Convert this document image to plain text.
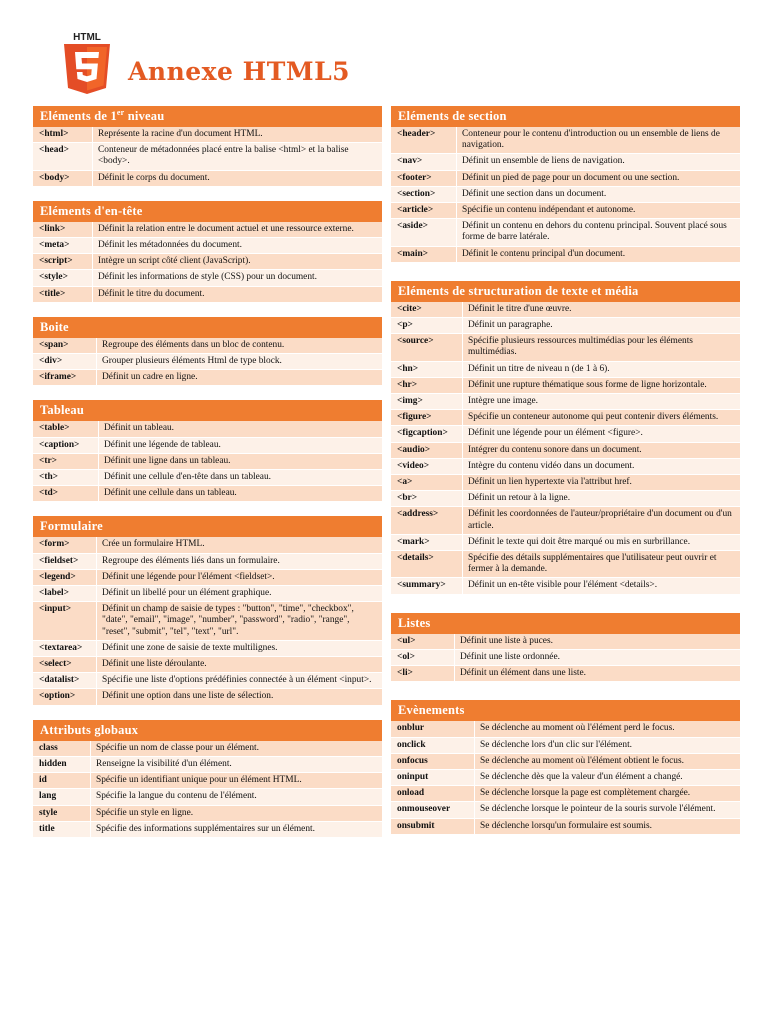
HTML
Annexe HTML5
Eléments de 1er niveau
<html>	Représente la racine d'un document HTML.
<head>	Conteneur de métadonnées placé entre la balise <html> et la balise <body>.
<body>	Définit le corps du document.
Eléments d'en-tête
<link>	Définit la relation entre le document actuel et une ressource externe.
<meta>	Définit les métadonnées du document.
<script>	Intègre un script côté client (JavaScript).
<style>	Définit les informations de style (CSS) pour un document.
<title>	Définit le titre du document.
Boite
<span>	Regroupe des éléments dans un bloc de contenu.
<div>	Grouper plusieurs éléments Html de type block.
<iframe>	Définit un cadre en ligne.
Tableau
<table>	Définit un tableau.
<caption>	Définit une légende de tableau.
<tr>	Définit une ligne dans un tableau.
<th>	Définit une cellule d'en-tête dans un tableau.
<td>	Définit une cellule dans un tableau.
Formulaire
<form>	Crée un formulaire HTML.
<fieldset>	Regroupe des éléments liés dans un formulaire.
<legend>	Définit une légende pour l'élément <fieldset>.
<label>	Définit un libellé pour un élément graphique.
<input>	Définit un champ de saisie de types : "button", "time", "checkbox", "date", "email", "image", "number", "password", "radio", "range", "reset", "submit", "tel", "text", "url".
<textarea>	Définit une zone de saisie de texte multilignes.
<select>	Définit une liste déroulante.
<datalist>	Spécifie une liste d'options prédéfinies connectée à un élément <input>.
<option>	Définit une option dans une liste de sélection.
Attributs globaux
class	Spécifie un nom de classe pour un élément.
hidden	Renseigne la visibilité d'un élément.
id	Spécifie un identifiant unique pour un élément HTML.
lang	Spécifie la langue du contenu de l'élément.
style	Spécifie un style en ligne.
title	Spécifie des informations supplémentaires sur un élément.
Eléments de section
<header>	Conteneur pour le contenu d'introduction ou un ensemble de liens de navigation.
<nav>	Définit un ensemble de liens de navigation.
<footer>	Définit un pied de page pour un document ou une section.
<section>	Définit une section dans un document.
<article>	Spécifie un contenu indépendant et autonome.
<aside>	Définit un contenu en dehors du contenu principal. Souvent placé sous forme de barre latérale.
<main>	Définit le contenu principal d'un document.
Eléments de structuration de texte et média
<cite>	Définit le titre d'une œuvre.
<p>	Définit un paragraphe.
<source>	Spécifie plusieurs ressources multimédias pour les éléments multimédias.
<hn>	Définit un titre de niveau n (de 1 à 6).
<hr>	Définit une rupture thématique sous forme de ligne horizontale.
<img>	Intègre une image.
<figure>	Spécifie un conteneur autonome qui peut contenir divers éléments.
<figcaption>	Définit une légende pour un élément <figure>.
<audio>	Intégrer du contenu sonore dans un document.
<video>	Intègre du contenu vidéo dans un document.
<a>	Définit un lien hypertexte via l'attribut href.
<br>	Définit un retour à la ligne.
<address>	Définit les coordonnées de l'auteur/propriétaire d'un document ou d'un article.
<mark>	Définit le texte qui doit être marqué ou mis en surbrillance.
<details>	Spécifie des détails supplémentaires que l'utilisateur peut ouvrir et fermer à la demande.
<summary>	Définit un en-tête visible pour l'élément <details>.
Listes
<ul>	Définit une liste à puces.
<ol>	Définit une liste ordonnée.
<li>	Définit un élément dans une liste.
Evènements
onblur	Se déclenche au moment où l'élément perd le focus.
onclick	Se déclenche lors d'un clic sur l'élément.
onfocus	Se déclenche au moment où l'élément obtient le focus.
oninput	Se déclenche dès que la valeur d'un élément a changé.
onload	Se déclenche lorsque la page est complètement chargée.
onmouseover	Se déclenche lorsque le pointeur de la souris survole l'élément.
onsubmit	Se déclenche lorsqu'un formulaire est soumis.
